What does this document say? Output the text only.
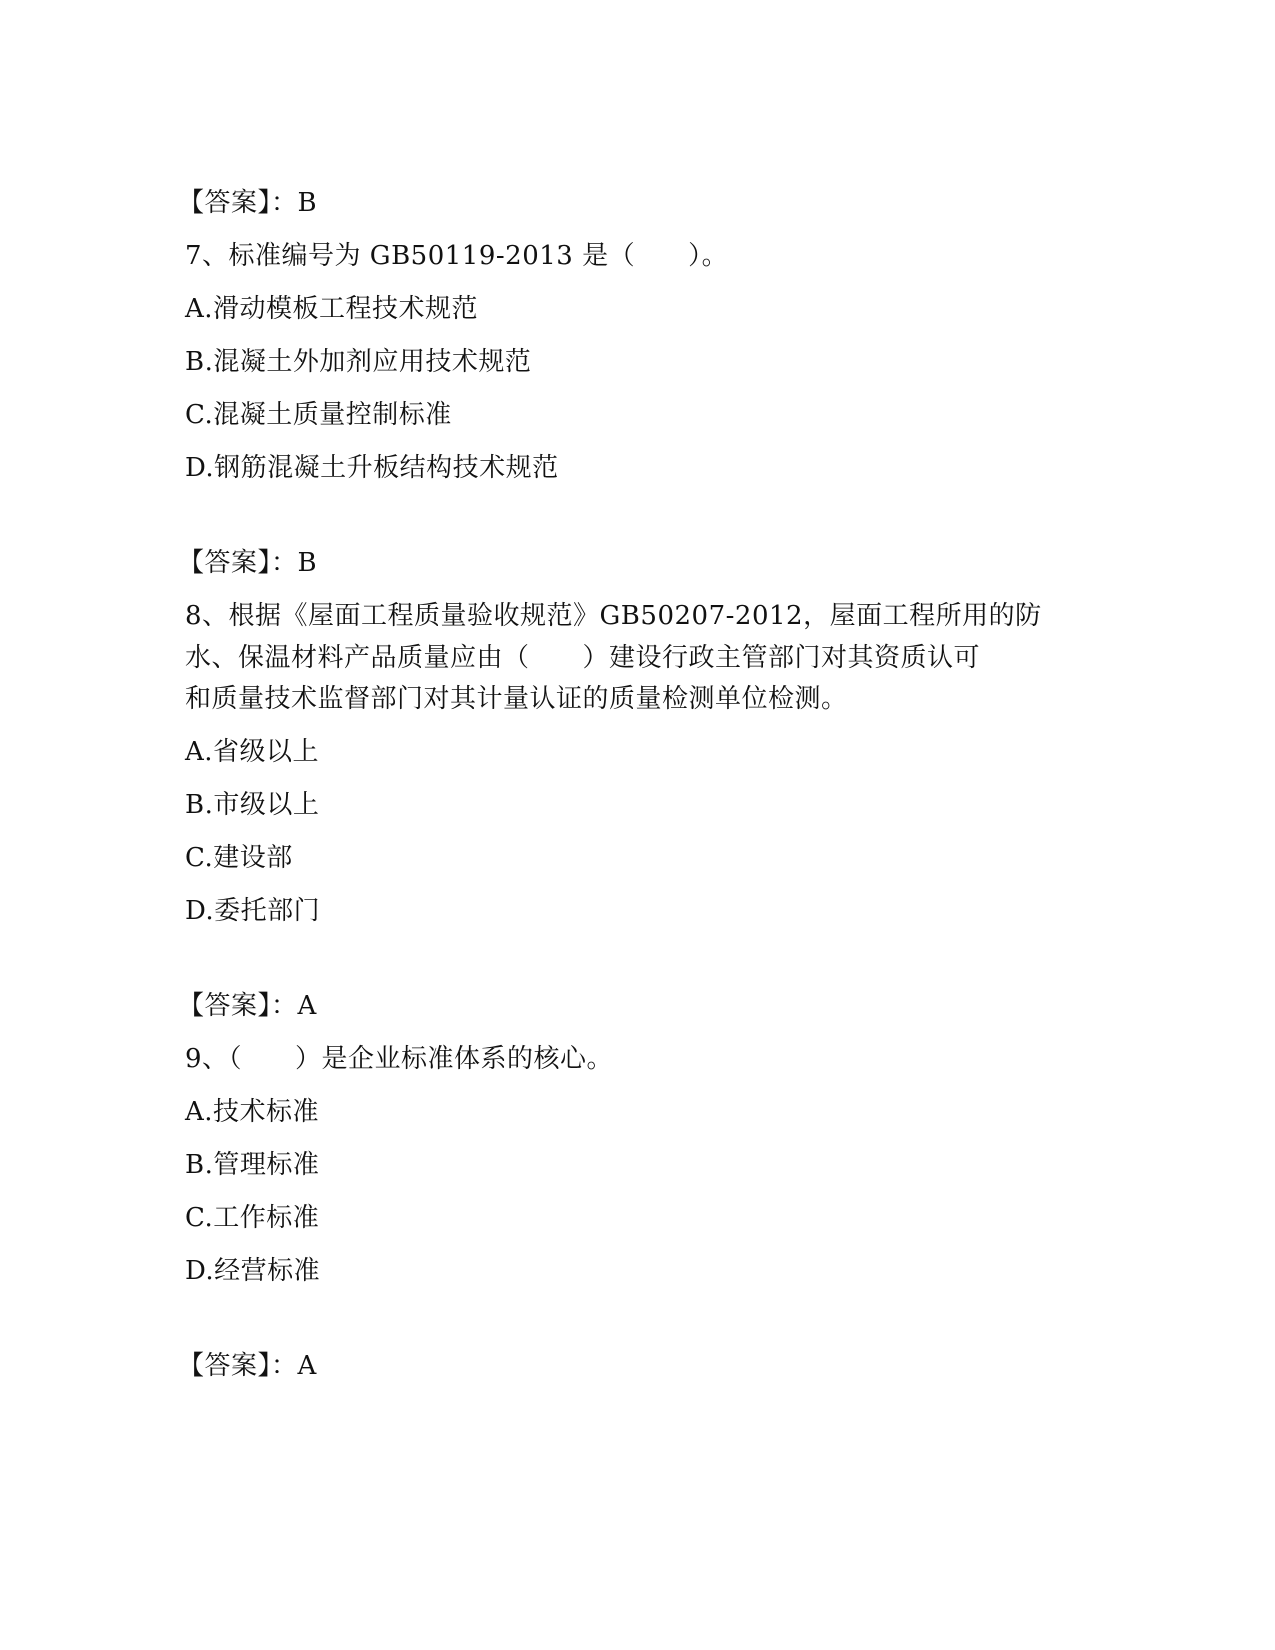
【答案】：B
7、标准编号为 GB50119-2013 是（　　）。
A.滑动模板工程技术规范
B.混凝土外加剂应用技术规范
C.混凝土质量控制标准
D.钢筋混凝土升板结构技术规范
【答案】：B
8、根据《屋面工程质量验收规范》GB50207-2012，屋面工程所用的防
水、保温材料产品质量应由（　　）建设行政主管部门对其资质认可
和质量技术监督部门对其计量认证的质量检测单位检测。
A.省级以上
B.市级以上
C.建设部
D.委托部门
【答案】：A
9、（　　）是企业标准体系的核心。
A.技术标准
B.管理标准
C.工作标准
D.经营标准
【答案】：A
